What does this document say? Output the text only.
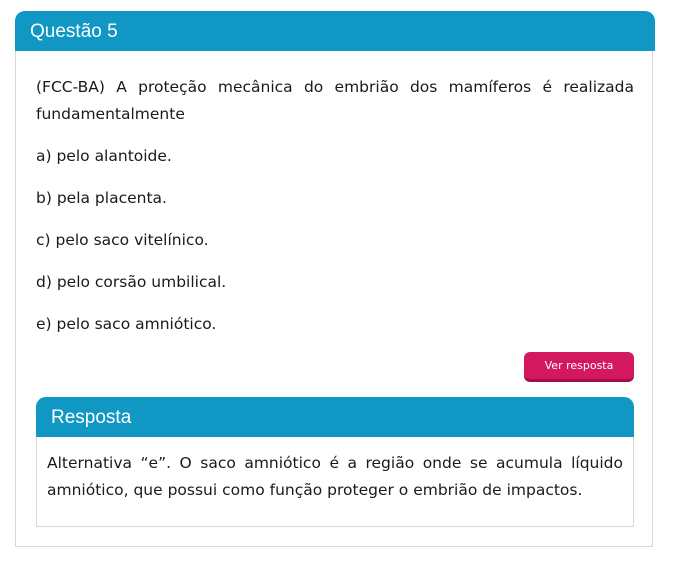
Questão 5

(FCC-BA) A proteção mecânica do embrião dos mamíferos é realizada fundamentalmente

a) pelo alantoide.

b) pela placenta.

c) pelo saco vitelínico.

d) pelo corsão umbilical.

e) pelo saco amniótico.

Ver resposta
Resposta
Alternativa “e”. O saco amniótico é a região onde se acumula líquido amniótico, que possui como função proteger o embrião de impactos.
